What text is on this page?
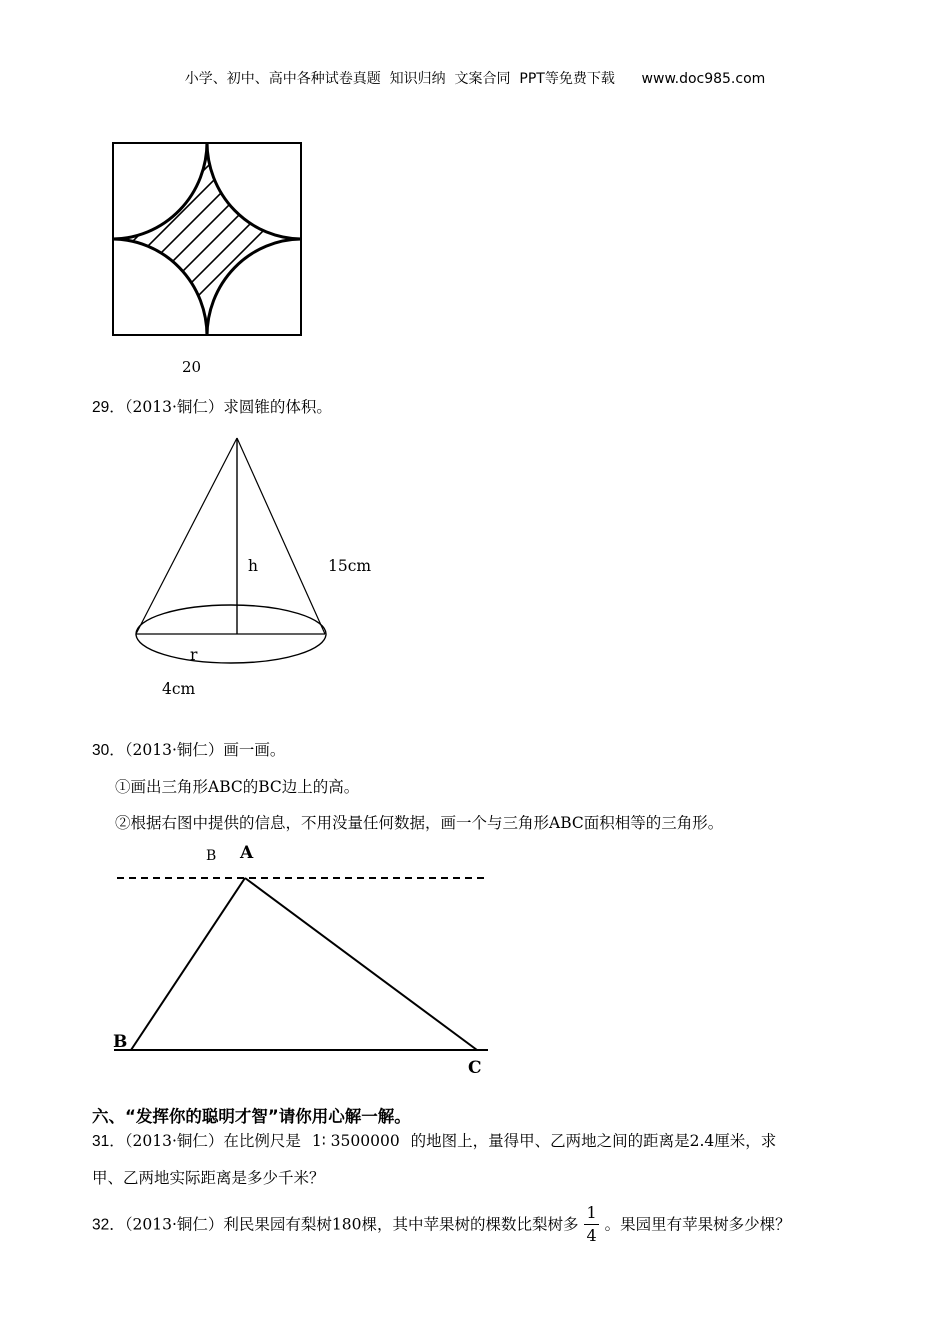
小学、初中、高中各种试卷真题  知识归纳  文案合同  PPT等免费下载 www.doc985.com
20
29．（2013·铜仁）求圆锥的体积。
h	15cm
r
4cm
30．（2013·铜仁）画一画。
①画出三角形ABC的BC边上的高。
②根据右图中提供的信息，不用没量任何数据，画一个与三角形ABC面积相等的三角形。
B A
B
C
六、“发挥你的聪明才智”请你用心解一解。
31．（2013·铜仁）在比例尺是 1∶ 3500000 的地图上，量得甲、乙两地之间的距离是2.4厘米，求
甲、乙两地实际距离是多少千米？
32．（2013·铜仁）利民果园有梨树180棵，其中苹果树的棵数比梨树多 $\frac{1}{4}$ 。果园里有苹果树多少棵？
